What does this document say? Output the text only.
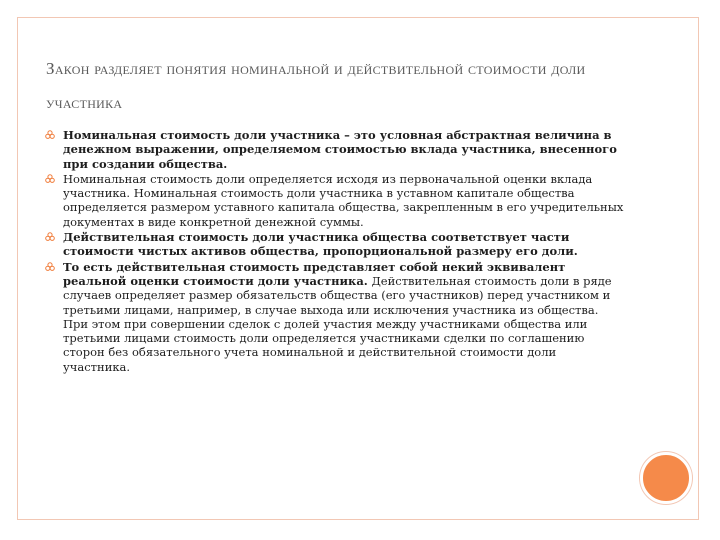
Закон разделяет понятия номинальной и действительной стоимости доли участника
Номинальная стоимость доли участника – это условная абстрактная величина в денежном выражении, определяемом стоимостью вклада участника, внесенного при создании общества.
Номинальная стоимость доли определяется исходя из первоначальной оценки вклада участника. Номинальная стоимость доли участника в уставном капитале общества определяется размером уставного капитала общества, закрепленным в его учредительных документах в виде конкретной денежной суммы.
Действительная стоимость доли участника общества соответствует части стоимости чистых активов общества, пропорциональной размеру его доли.
То есть действительная стоимость представляет собой некий эквивалент реальной оценки стоимости доли участника. Действительная стоимость доли в ряде случаев определяет размер обязательств общества (его участников) перед участником и третьими лицами, например, в случае выхода или исключения участника из общества. При этом при совершении сделок с долей участия между участниками общества или третьими лицами стоимость доли определяется участниками сделки по соглашению сторон без обязательного учета номинальной и действительной стоимости доли участника.
